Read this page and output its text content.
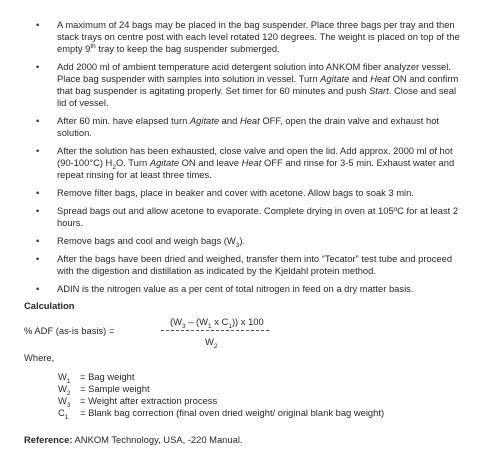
• A maximum of 24 bags may be placed in the bag suspender. Place three bags per tray and then stack trays on centre post with each level rotated 120 degrees. The weight is placed on top of the empty 9th tray to keep the bag suspender submerged.
• Add 2000 ml of ambient temperature acid detergent solution into ANKOM fiber analyzer vessel. Place bag suspender with samples into solution in vessel. Turn Agitate and Heat ON and confirm that bag suspender is agitating properly. Set timer for 60 minutes and push Start. Close and seal lid of vessel.
• After 60 min. have elapsed turn Agitate and Heat OFF, open the drain valve and exhaust hot solution.
• After the solution has been exhausted, close valve and open the lid. Add approx. 2000 ml of hot (90-100°C) $H_2O$. Turn Agitate ON and leave Heat OFF and rinse for 3-5 min. Exhaust water and repeat rinsing for at least three times.
• Remove filter bags, place in beaker and cover with acetone. Allow bags to soak 3 min.
• Spread bags out and allow acetone to evaporate. Complete drying in oven at 105ºC for at least 2 hours.
• Remove bags and cool and weigh bags $(W_3)$.
• After the bags have been dried and weighed, transfer them into “Tecator” test tube and proceed with the digestion and distillation as indicated by the Kjeldahl protein method.
• ADIN is the nitrogen value as a per cent of total nitrogen in feed on a dry matter basis.
Calculation
% ADF (as-is basis) =
($W_3 - (W_1$ x $C_1$)) x 100
$W_2$
Where,
$W_1$ = Bag weight
$W_2$ = Sample weight
$W_3$ = Weight after extraction process
$C_1$ = Blank bag correction (final oven dried weight/ original blank bag weight)
Reference: ANKOM Technology, USA, -220 Manual.
